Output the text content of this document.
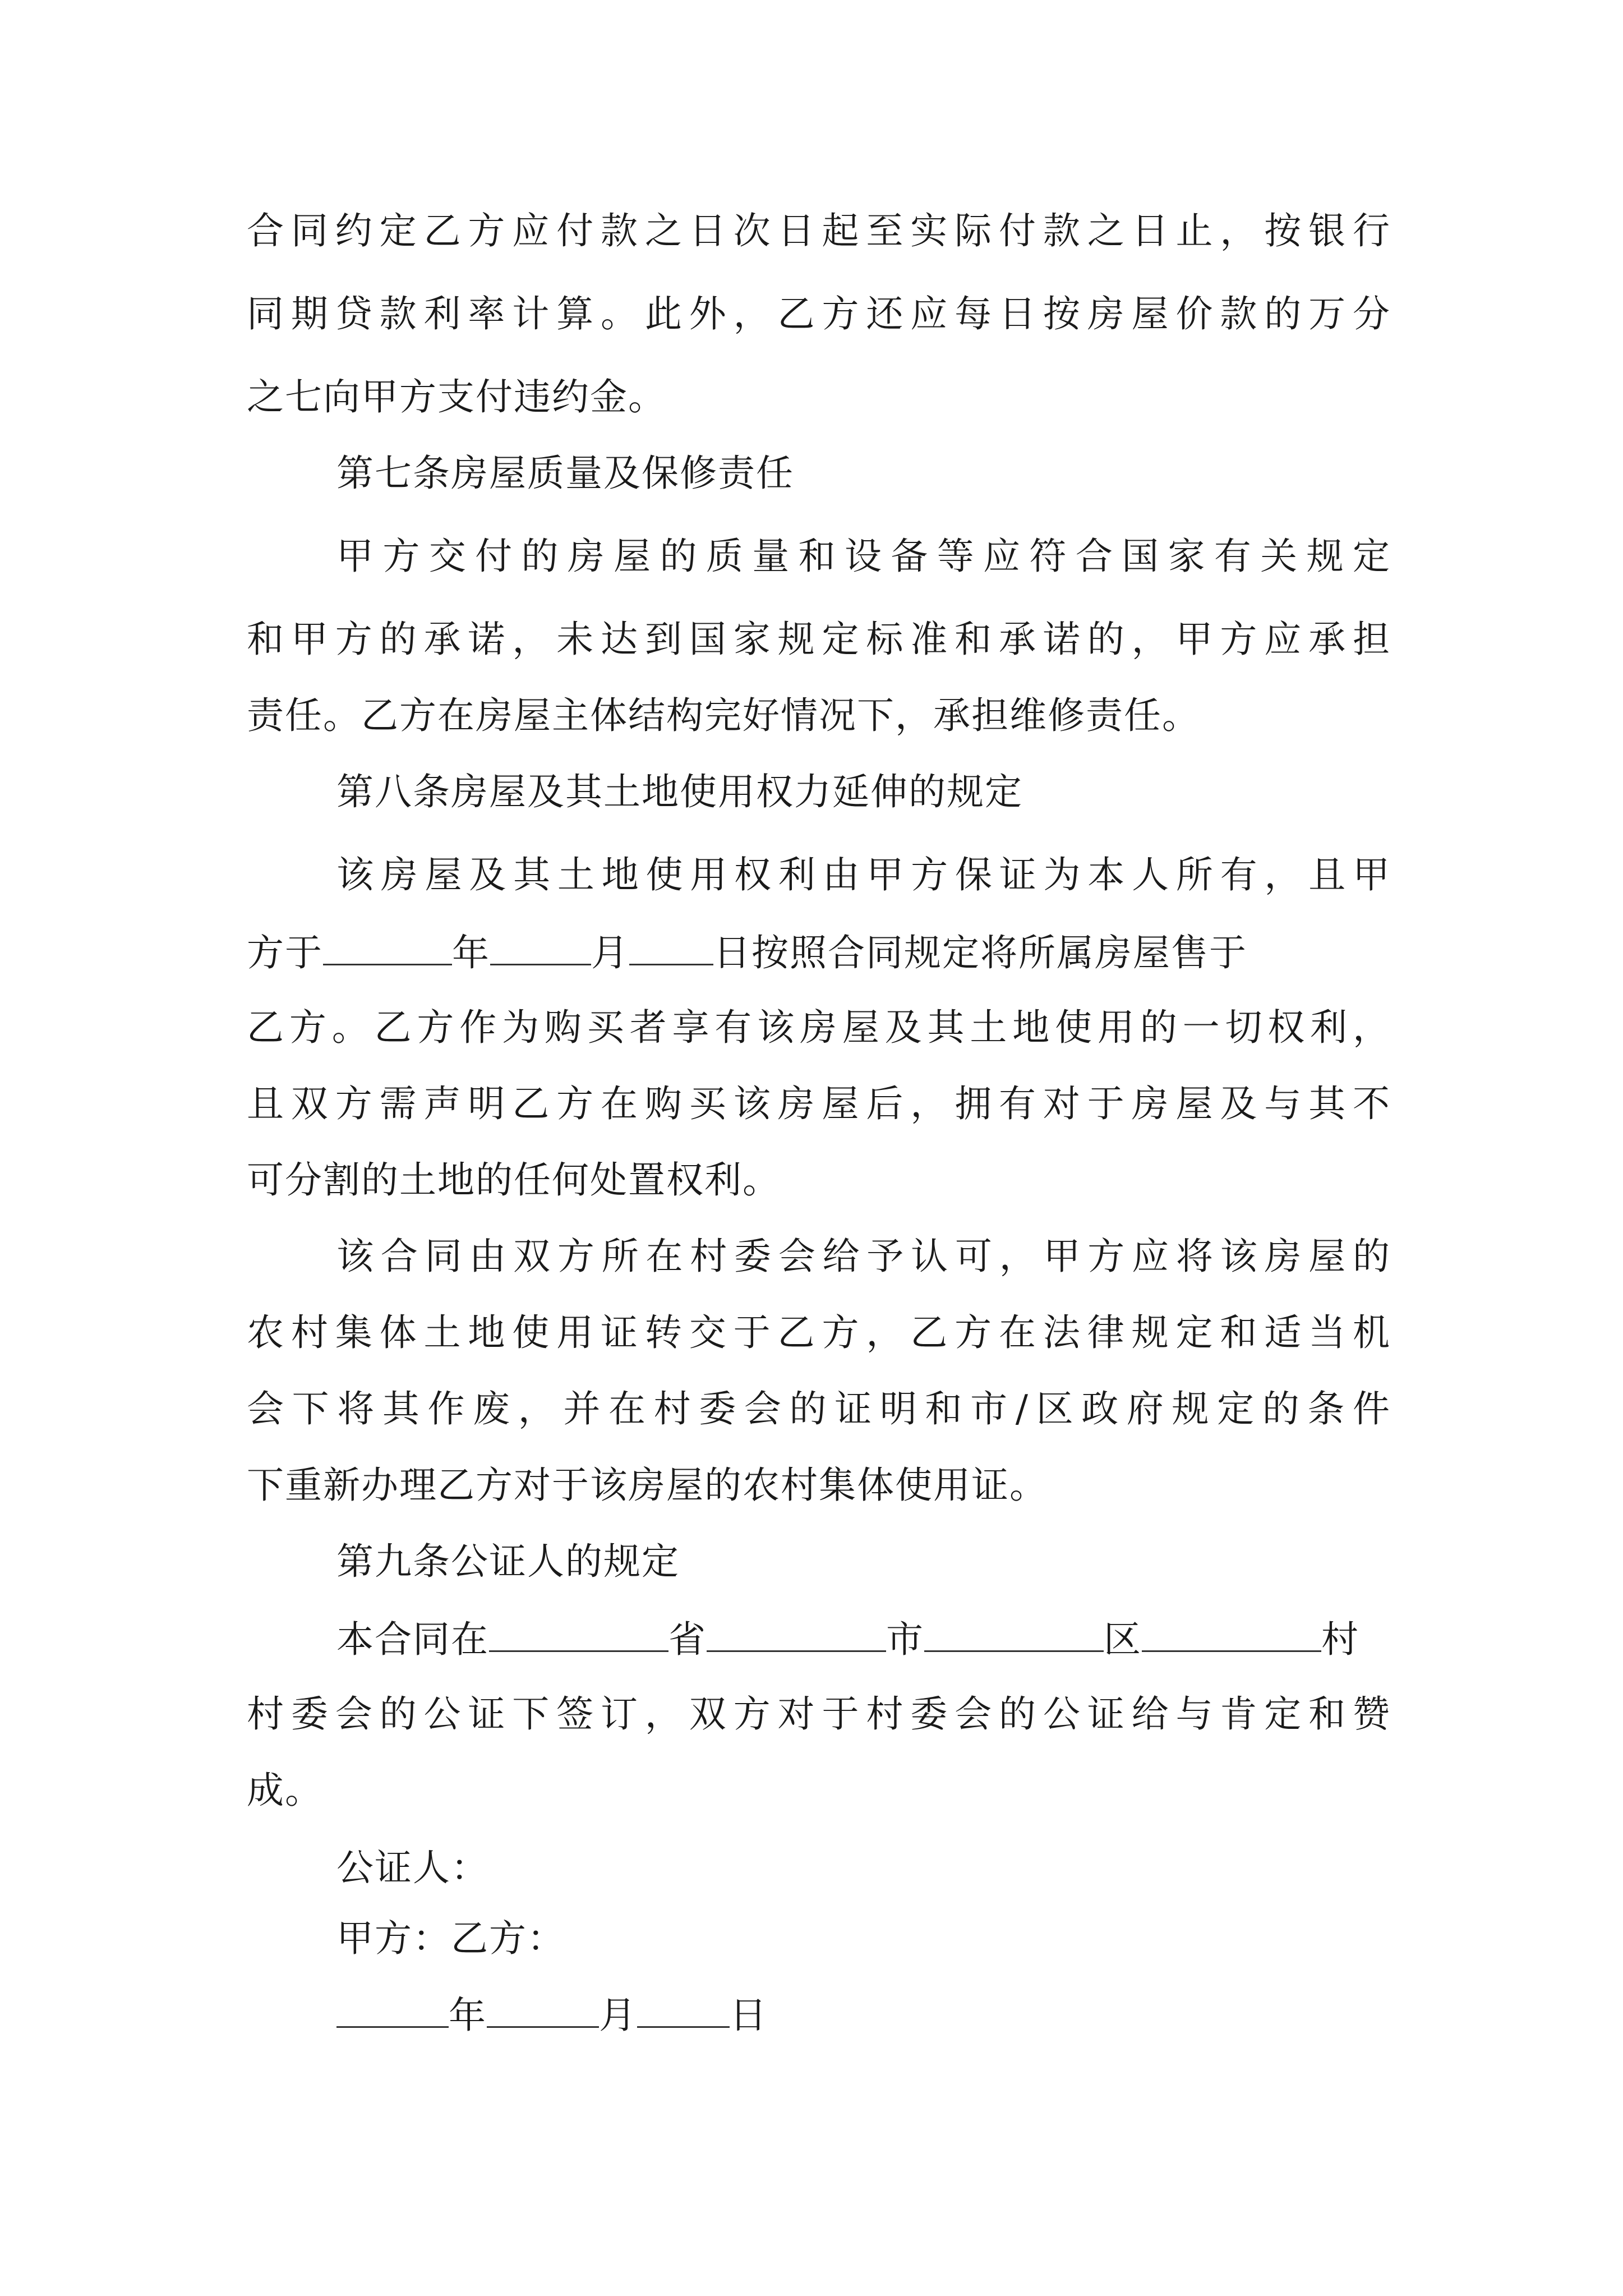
合同约定乙方应付款之日次日起至实际付款之日止，按银行
同期贷款利率计算。此外，乙方还应每日按房屋价款的万分
之七向甲方支付违约金。
第七条房屋质量及保修责任
甲方交付的房屋的质量和设备等应符合国家有关规定
和甲方的承诺，未达到国家规定标准和承诺的，甲方应承担
责任。乙方在房屋主体结构完好情况下，承担维修责任。
第八条房屋及其土地使用权力延伸的规定
该房屋及其土地使用权利由甲方保证为本人所有，且甲
方于	年	月 日按照合同规定将所属房屋售于
乙方。乙方作为购买者享有该房屋及其土地使用的一切权利，
且双方需声明乙方在购买该房屋后，拥有对于房屋及与其不
可分割的土地的任何处置权利。
该合同由双方所在村委会给予认可，甲方应将该房屋的
农村集体土地使用证转交于乙方，乙方在法律规定和适当机
会下将其作废，并在村委会的证明和市/区政府规定的条件
下重新办理乙方对于该房屋的农村集体使用证。
第九条公证人的规定
本合同在	省	市	区	村
村委会的公证下签订，双方对于村委会的公证给与肯定和赞
成。
公证人：
甲方：乙方：
年	月	日
